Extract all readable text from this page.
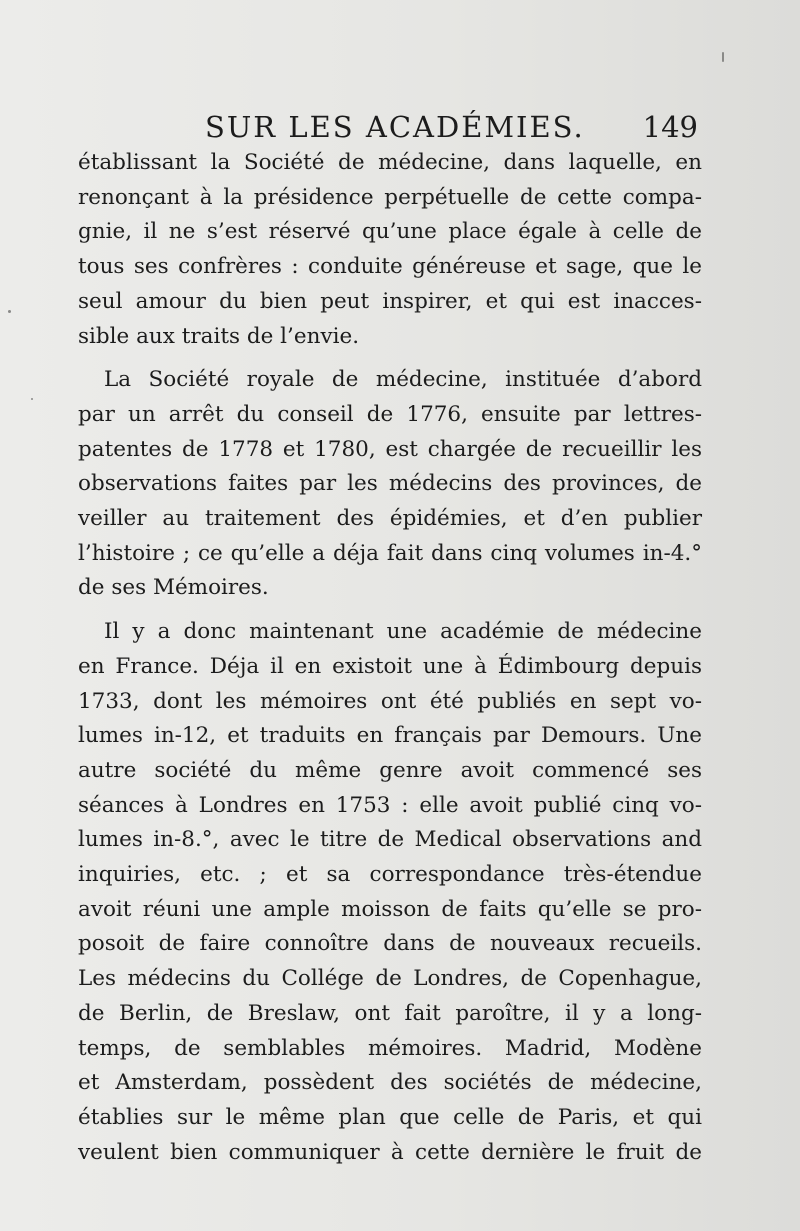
SUR LES ACADÉMIES. 149
établissant la Société de médecine, dans laquelle, en
renonçant à la présidence perpétuelle de cette compa-
gnie, il ne s’est réservé qu’une place égale à celle de
tous ses confrères : conduite généreuse et sage, que le
seul amour du bien peut inspirer, et qui est inacces-
sible aux traits de l’envie.
La Société royale de médecine, instituée d’abord
par un arrêt du conseil de 1776, ensuite par lettres-
patentes de 1778 et 1780, est chargée de recueillir les
observations faites par les médecins des provinces, de
veiller au traitement des épidémies, et d’en publier
l’histoire ; ce qu’elle a déja fait dans cinq volumes in-4.°
de ses Mémoires.
Il y a donc maintenant une académie de médecine
en France. Déja il en existoit une à Édimbourg depuis
1733, dont les mémoires ont été publiés en sept vo-
lumes in-12, et traduits en français par Demours. Une
autre société du même genre avoit commencé ses
séances à Londres en 1753 : elle avoit publié cinq vo-
lumes in-8.°, avec le titre de Medical observations and
inquiries, etc. ; et sa correspondance très-étendue
avoit réuni une ample moisson de faits qu’elle se pro-
posoit de faire connoître dans de nouveaux recueils.
Les médecins du Collége de Londres, de Copenhague,
de Berlin, de Breslaw, ont fait paroître, il y a long-
temps, de semblables mémoires. Madrid, Modène
et Amsterdam, possèdent des sociétés de médecine,
établies sur le même plan que celle de Paris, et qui
veulent bien communiquer à cette dernière le fruit de
